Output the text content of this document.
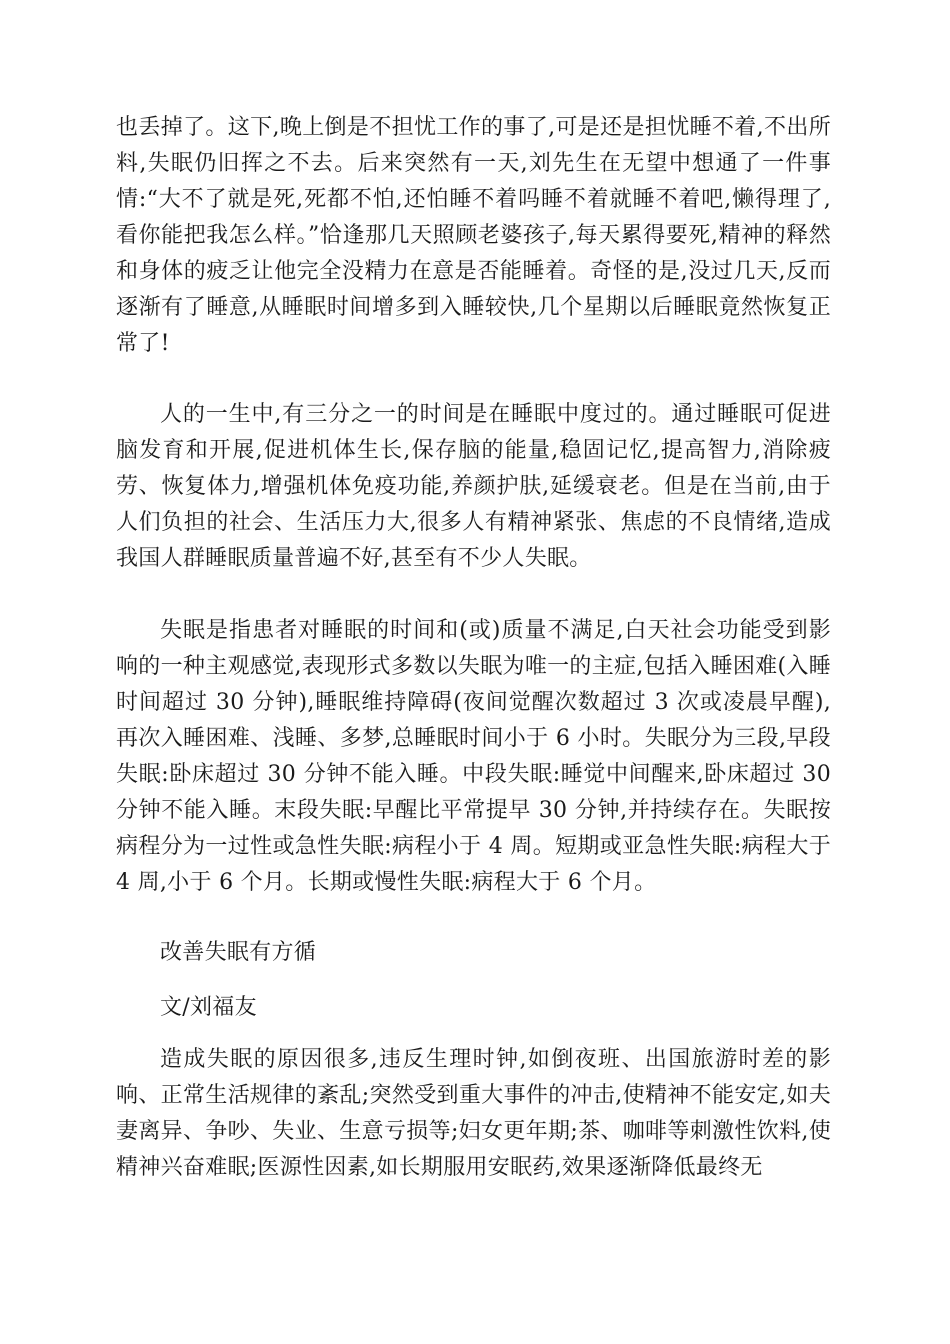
也丢掉了。这下,晚上倒是不担忧工作的事了,可是还是担忧睡不着,不出所料,失眠仍旧挥之不去。后来突然有一天,刘先生在无望中想通了一件事情:“大不了就是死,死都不怕,还怕睡不着吗睡不着就睡不着吧,懒得理了,看你能把我怎么样。”恰逢那几天照顾老婆孩子,每天累得要死,精神的释然和身体的疲乏让他完全没精力在意是否能睡着。奇怪的是,没过几天,反而逐渐有了睡意,从睡眠时间增多到入睡较快,几个星期以后睡眠竟然恢复正常了!

人的一生中,有三分之一的时间是在睡眠中度过的。通过睡眠可促进脑发育和开展,促进机体生长,保存脑的能量,稳固记忆,提高智力,消除疲劳、恢复体力,增强机体免疫功能,养颜护肤,延缓衰老。但是在当前,由于人们负担的社会、生活压力大,很多人有精神紧张、焦虑的不良情绪,造成我国人群睡眠质量普遍不好,甚至有不少人失眠。

失眠是指患者对睡眠的时间和(或)质量不满足,白天社会功能受到影响的一种主观感觉,表现形式多数以失眠为唯一的主症,包括入睡困难(入睡时间超过 30 分钟),睡眠维持障碍(夜间觉醒次数超过 3 次或凌晨早醒),再次入睡困难、浅睡、多梦,总睡眠时间小于 6 小时。失眠分为三段,早段失眠:卧床超过 30 分钟不能入睡。中段失眠:睡觉中间醒来,卧床超过 30 分钟不能入睡。末段失眠:早醒比平常提早 30 分钟,并持续存在。失眠按病程分为一过性或急性失眠:病程小于 4 周。短期或亚急性失眠:病程大于 4 周,小于 6 个月。长期或慢性失眠:病程大于 6 个月。

改善失眠有方循

文/刘福友

造成失眠的原因很多,违反生理时钟,如倒夜班、出国旅游时差的影响、正常生活规律的紊乱;突然受到重大事件的冲击,使精神不能安定,如夫妻离异、争吵、失业、生意亏损等;妇女更年期;茶、咖啡等刺激性饮料,使精神兴奋难眠;医源性因素,如长期服用安眠药,效果逐渐降低最终无
